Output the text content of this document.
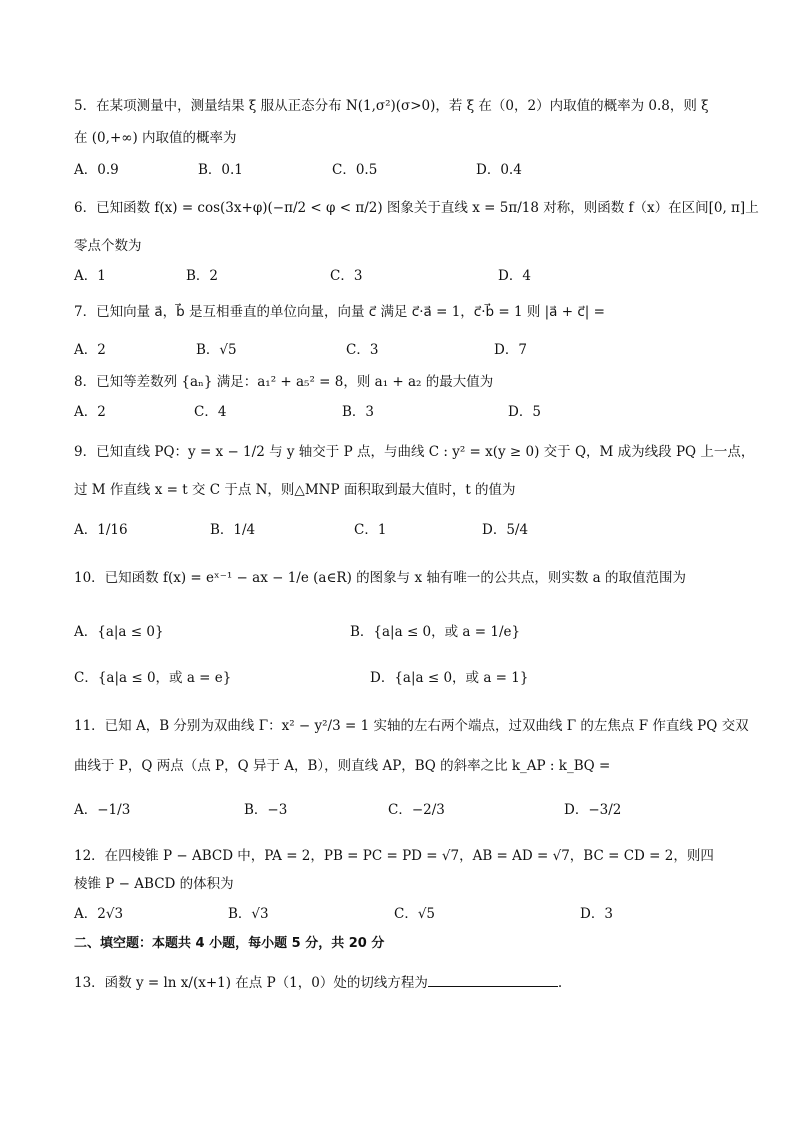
5．在某项测量中，测量结果 ξ 服从正态分布 N(1,σ²)(σ>0)，若 ξ 在（0，2）内取值的概率为 0.8，则 ξ
在 (0,+∞) 内取值的概率为
A．0.9	B．0.1	C．0.5	D．0.4
6．已知函数 f(x) = cos(3x+φ)(−π/2 < φ < π/2) 图象关于直线 x = 5π/18 对称，则函数 f（x）在区间[0, π]上
零点个数为
A．1	B．2	C．3	D．4
7．已知向量 a⃗，b⃗ 是互相垂直的单位向量，向量 c⃗ 满足 c⃗·a⃗ = 1，c⃗·b⃗ = 1 则 |a⃗ + c⃗| =
A．2	B．√5	C．3	D．7
8．已知等差数列 {aₙ} 满足：a₁² + a₅² = 8，则 a₁ + a₂ 的最大值为
A．2	C．4	B．3	D．5
9．已知直线 PQ：y = x − 1/2 与 y 轴交于 P 点，与曲线 C : y² = x(y ≥ 0) 交于 Q，M 成为线段 PQ 上一点，
过 M 作直线 x = t 交 C 于点 N，则△MNP 面积取到最大值时，t 的值为
A．1/16	B．1/4	C．1	D．5/4
10．已知函数 f(x) = eˣ⁻¹ − ax − 1/e (a∈R) 的图象与 x 轴有唯一的公共点，则实数 a 的取值范围为
A．{a|a ≤ 0}	B．{a|a ≤ 0，或 a = 1/e}
C．{a|a ≤ 0，或 a = e}	D．{a|a ≤ 0，或 a = 1}
11．已知 A，B 分别为双曲线 Γ：x² − y²/3 = 1 实轴的左右两个端点，过双曲线 Γ 的左焦点 F 作直线 PQ 交双
曲线于 P，Q 两点（点 P，Q 异于 A，B），则直线 AP，BQ 的斜率之比 k_AP : k_BQ =
A．−1/3	B．−3	C．−2/3	D．−3/2
12．在四棱锥 P − ABCD 中，PA = 2，PB = PC = PD = √7，AB = AD = √7，BC = CD = 2，则四
棱锥 P − ABCD 的体积为
A．2√3	B．√3	C．√5	D．3
二、填空题：本题共 4 小题，每小题 5 分，共 20 分
13．函数 y = ln x/(x+1) 在点 P（1，0）处的切线方程为	.
